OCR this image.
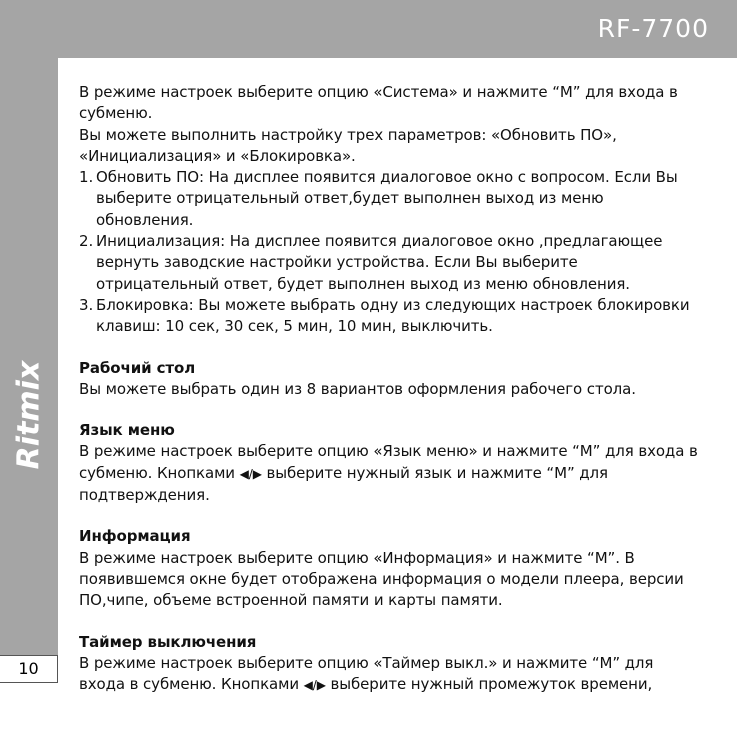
RF-7700
Ritmix
10

В режиме настроек выберите опцию «Система» и нажмите “М” для входа в субменю.

Вы можете выполнить настройку трех параметров: «Обновить ПО», «Инициализация» и «Блокировка».

1. Обновить ПО: На дисплее появится диалоговое окно с вопросом. Если Вы выберите отрицательный ответ,будет выполнен выход из меню обновления.
2. Инициализация: На дисплее появится диалоговое окно ,предлагающее вернуть заводские настройки устройства. Если Вы выберите отрицательный ответ, будет выполнен выход из меню обновления.
3. Блокировка: Вы можете выбрать одну из следующих настроек блокировки клавиш: 10 сек, 30 сек, 5 мин, 10 мин, выключить.

Рабочий стол

Вы можете выбрать один из 8 вариантов оформления рабочего стола.

Язык меню

В режиме настроек выберите опцию «Язык меню» и нажмите “М” для входа в субменю. Кнопками ◀/▶ выберите нужный язык и нажмите “М” для подтверждения.

Информация

В режиме настроек выберите опцию «Информация» и нажмите “М”. В появившемся окне будет отображена информация о модели плеера, версии ПО,чипе, объеме встроенной памяти и карты памяти.

Таймер выключения

В режиме настроек выберите опцию «Таймер выкл.» и нажмите “М” для входа в субменю. Кнопками ◀/▶ выберите нужный промежуток времени,
